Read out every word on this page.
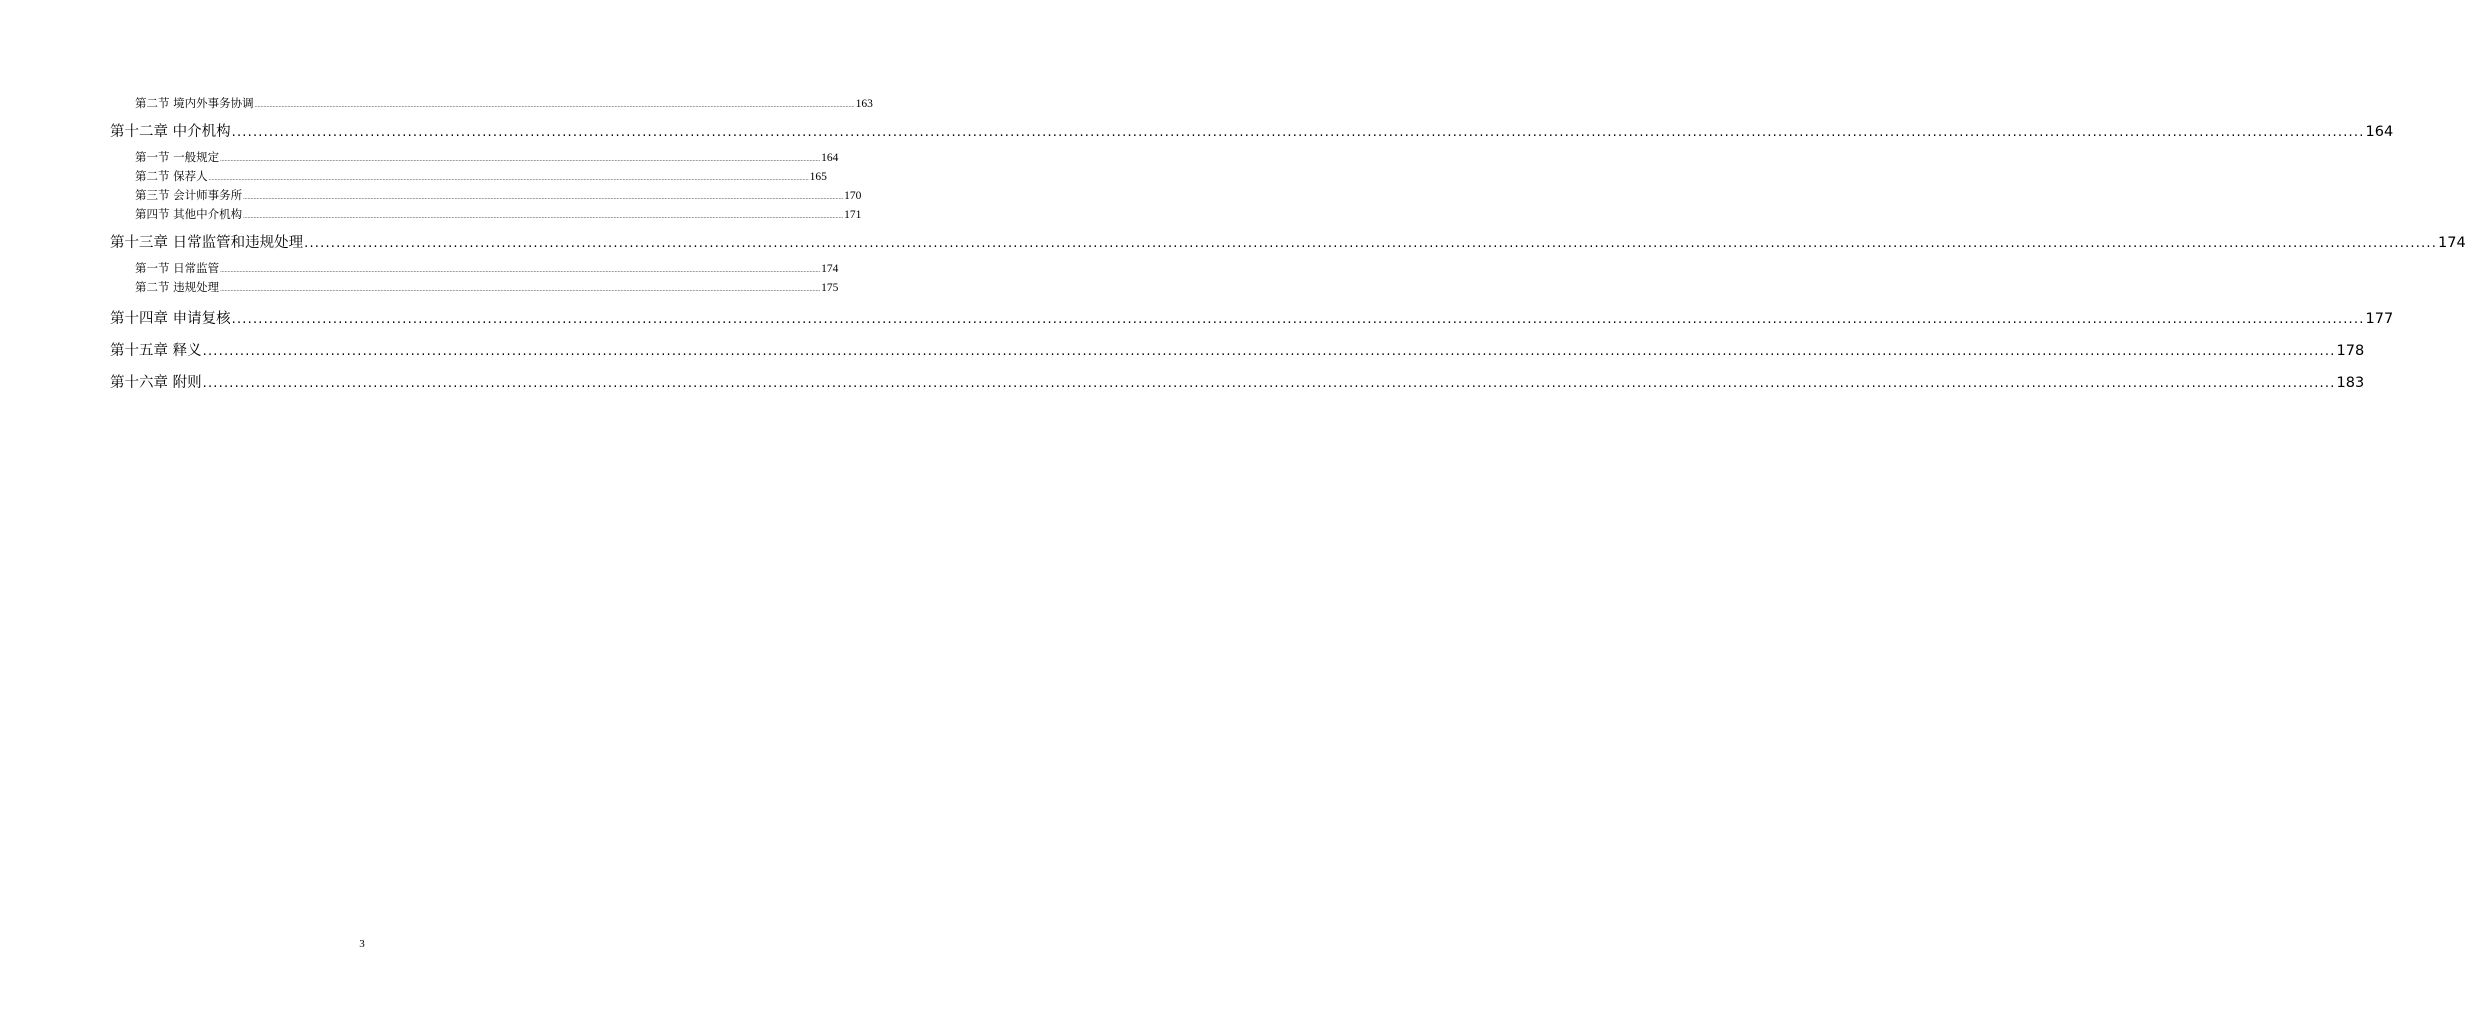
第二节 境内外事务协调 ................................................................................................................................................................................................................................................................................................................................................................................................................ 163
第十二章 中介机构 ................................................................................................................................................................................................................................................................................................................................................................................................................ 164
第一节 一般规定 ................................................................................................................................................................................................................................................................................................................................................................................................................ 164
第二节 保荐人 ................................................................................................................................................................................................................................................................................................................................................................................................................ 165
第三节 会计师事务所 ................................................................................................................................................................................................................................................................................................................................................................................................................ 170
第四节 其他中介机构 ................................................................................................................................................................................................................................................................................................................................................................................................................ 171
第十三章 日常监管和违规处理 ................................................................................................................................................................................................................................................................................................................................................................................................................ 174
第一节 日常监管 ................................................................................................................................................................................................................................................................................................................................................................................................................ 174
第二节 违规处理 ................................................................................................................................................................................................................................................................................................................................................................................................................ 175
第十四章 申请复核 ................................................................................................................................................................................................................................................................................................................................................................................................................ 177
第十五章 释义 ................................................................................................................................................................................................................................................................................................................................................................................................................ 178
第十六章 附则 ................................................................................................................................................................................................................................................................................................................................................................................................................ 183
3
